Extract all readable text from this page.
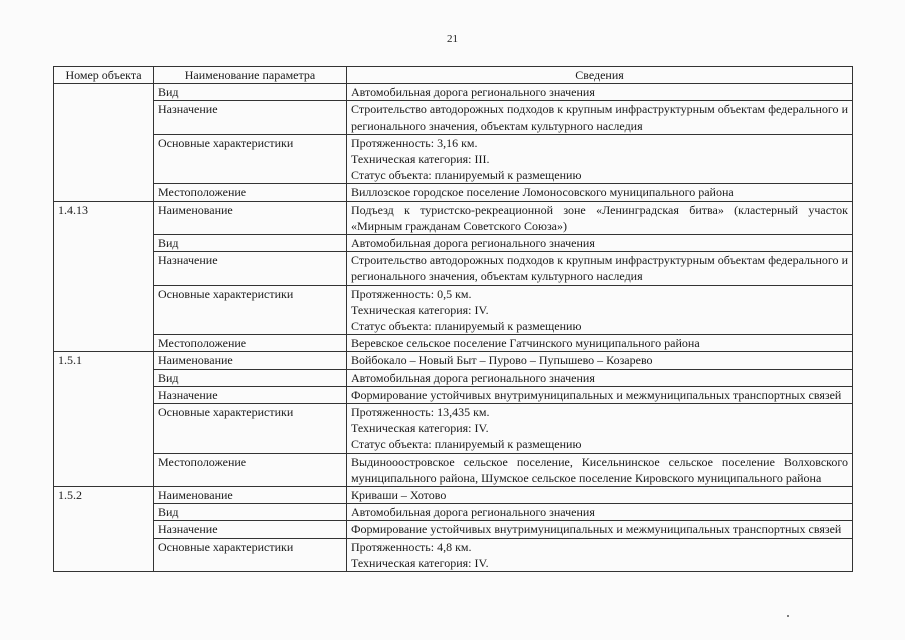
21
Номер объекта	Наименование параметра	Сведения
	Вид	Автомобильная дорога регионального значения

	Назначение	Строительство автодорожных подходов к крупным инфраструктурным объектам федерального и регионального значения, объектам культурного наследия

	Основные характеристики	Протяженность: 3,16 км.
Техническая категория: III.
Статус объекта: планируемый к размещению

	Местоположение	Виллозское городское поселение Ломоносовского муниципального района

1.4.13	Наименование	Подъезд к туристско-рекреационной зоне «Ленинградская битва» (кластерный участок «Мирным гражданам Советского Союза»)

	Вид	Автомобильная дорога регионального значения

	Назначение	Строительство автодорожных подходов к крупным инфраструктурным объектам федерального и регионального значения, объектам культурного наследия

	Основные характеристики	Протяженность: 0,5 км.
Техническая категория: IV.
Статус объекта: планируемый к размещению

	Местоположение	Веревское сельское поселение Гатчинского муниципального района

1.5.1	Наименование	Войбокало – Новый Быт – Пурово – Пупышево – Козарево

	Вид	Автомобильная дорога регионального значения

	Назначение	Формирование устойчивых внутримуниципальных и межмуниципальных транспортных связей

	Основные характеристики	Протяженность: 13,435 км.
Техническая категория: IV.
Статус объекта: планируемый к размещению

	Местоположение	Выдинооостровское сельское поселение, Кисельнинское сельское поселение Волховского муниципального района, Шумское сельское поселение Кировского муниципального района

1.5.2	Наименование	Криваши – Хотово

	Вид	Автомобильная дорога регионального значения

	Назначение	Формирование устойчивых внутримуниципальных и межмуниципальных транспортных связей

	Основные характеристики	Протяженность: 4,8 км.
Техническая категория: IV.
